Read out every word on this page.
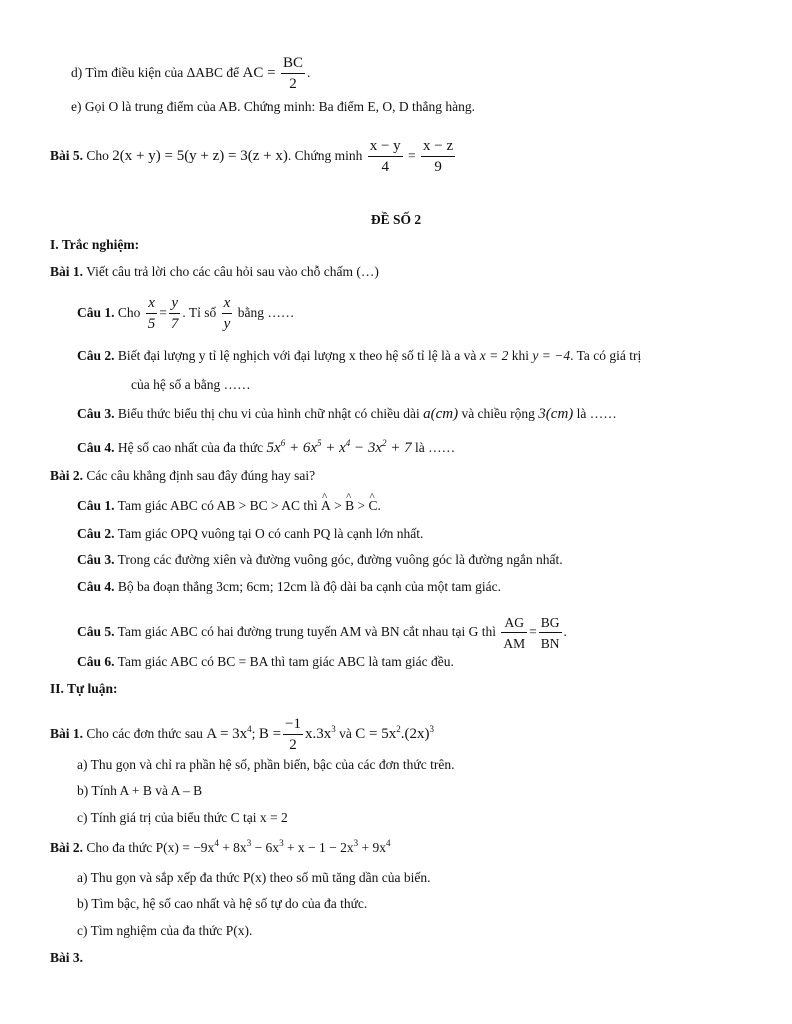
d) Tìm điều kiện của ΔABC để AC = $\frac{BC}{2}$ .
e) Gọi O là trung điểm của AB. Chứng minh: Ba điểm E, O, D thẳng hàng.
Bài 5. Cho 2(x + y) = 5(y + z) = 3(z + x). Chứng minh $\frac{x - y}{4} = \frac{x - z}{9}$
ĐỀ SỐ 2
I. Trắc nghiệm:
Bài 1. Viết câu trả lời cho các câu hỏi sau vào chỗ chấm (…)
Câu 1. Cho $\frac{x}{5} = \frac{y}{7}$ . Tỉ số $\frac{x}{y}$ bằng ……
Câu 2. Biết đại lượng y tỉ lệ nghịch với đại lượng x theo hệ số tỉ lệ là a và x = 2 khi y = −4. Ta có giá trị
của hệ số a bằng ……
Câu 3. Biểu thức biểu thị chu vi của hình chữ nhật có chiều dài a(cm) và chiều rộng 3(cm) là ……
Câu 4. Hệ số cao nhất của đa thức $5x^6 + 6x^5 + x^4 - 3x^2 + 7$ là ……
Bài 2. Các câu khẳng định sau đây đúng hay sai?
Câu 1. Tam giác ABC có AB > BC > AC thì ^ A > ^ B > ^ C.
Câu 2. Tam giác OPQ vuông tại O có canh PQ là cạnh lớn nhất.
Câu 3. Trong các đường xiên và đường vuông góc, đường vuông góc là đường ngắn nhất.
Câu 4. Bộ ba đoạn thẳng 3cm; 6cm; 12cm là độ dài ba cạnh của một tam giác.
Câu 5. Tam giác ABC có hai đường trung tuyến AM và BN cắt nhau tại G thì $\frac{AG}{AM} = \frac{BG}{BN}$ .
Câu 6. Tam giác ABC có BC = BA thì tam giác ABC là tam giác đều.
II. Tự luận:
Bài 1. Cho các đơn thức sau $A = 3x^4$; $B = \frac{-1}{2} x.3x^3$ và $C = 5x^2.(2x)^3$
a) Thu gọn và chỉ ra phần hệ số, phần biến, bậc của các đơn thức trên.
b) Tính A + B và A – B
c) Tính giá trị của biểu thức C tại x = 2
Bài 2. Cho đa thức $P(x) = -9x^4 + 8x^3 - 6x^3 + x - 1 - 2x^3 + 9x^4$
a) Thu gọn và sắp xếp đa thức P(x) theo số mũ tăng dần của biến.
b) Tìm bậc, hệ số cao nhất và hệ số tự do của đa thức.
c) Tìm nghiệm của đa thức P(x).
Bài 3.
